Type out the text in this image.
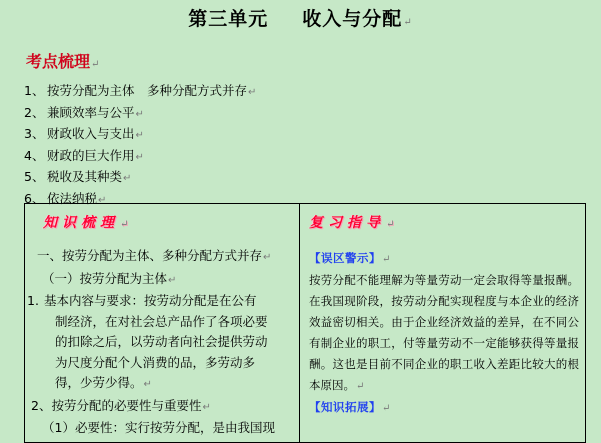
第三单元 收入与分配↵
考点梳理↵
1、 按劳分配为主体　多种分配方式并存↵
2、 兼顾效率与公平↵
3、 财政收入与支出↵
4、 财政的巨大作用↵
5、 税收及其种类↵
6、 依法纳税↵
知识梳理↵
一、按劳分配为主体、多种分配方式并存↵
（一）按劳分配为主体↵
1. 基本内容与要求：按劳动分配是在公有
制经济，在对社会总产品作了各项必要
的扣除之后，以劳动者向社会提供劳动
为尺度分配个人消费的品，多劳动多
得，少劳少得。↵
2、按劳分配的必要性与重要性↵
（1）必要性：实行按劳分配，是由我国现
复习指导↵
【误区警示】↵
按劳分配不能理解为等量劳动一定会取得等量报酬。在我国现阶段，按劳动分配实现程度与本企业的经济效益密切相关。由于企业经济效益的差异，在不同公有制企业的职工，付等量劳动不一定能够获得等量报酬。这也是目前不同企业的职工收入差距比较大的根本原因。↵
【知识拓展】↵
